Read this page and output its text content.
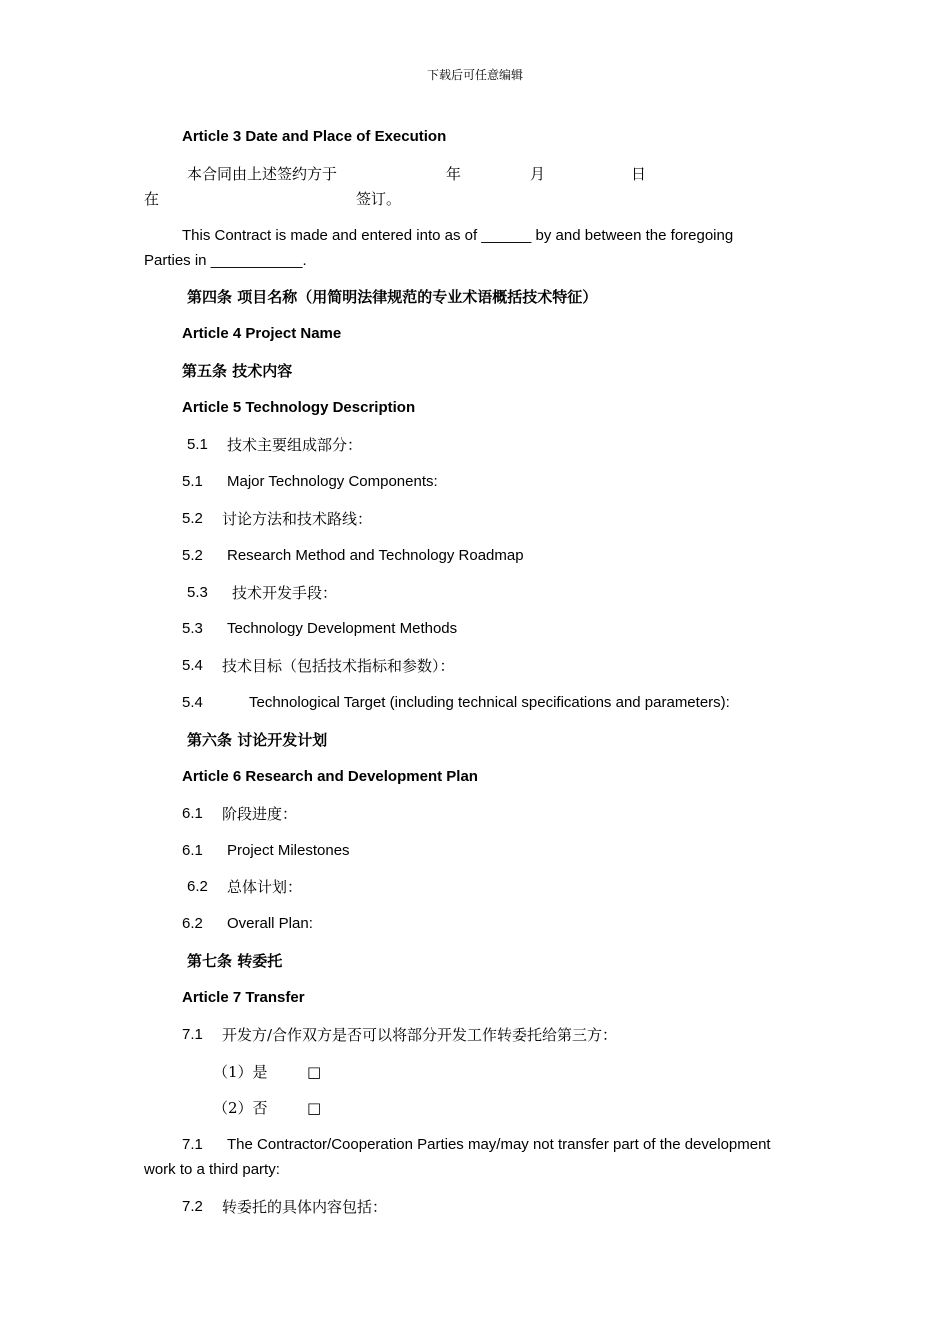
下载后可任意编辑
Article 3 Date and Place of Execution
本合同由上述签约方于	年	月	日
在	签订。
This Contract is made and entered into as of ______ by and between the foregoing
Parties in ___________.
第四条 项目名称（用简明法律规范的专业术语概括技术特征）
Article 4 Project Name
第五条 技术内容
Article 5 Technology Description
5.1 技术主要组成部分：
5.1 Major Technology Components:
5.2 讨论方法和技术路线：
5.2 Research Method and Technology Roadmap
5.3 技术开发手段：
5.3 Technology Development Methods
5.4 技术目标（包括技术指标和参数）：
5.4	Technological Target (including technical specifications and parameters):
第六条 讨论开发计划
Article 6 Research and Development Plan
6.1 阶段进度：
6.1 Project Milestones
6.2 总体计划：
6.2 Overall Plan:
第七条 转委托
Article 7 Transfer
7.1 开发方/合作双方是否可以将部分开发工作转委托给第三方：
（1）是	□
（2）否	□
7.1 The Contractor/Cooperation Parties may/may not transfer part of the development
work to a third party:
7.2 转委托的具体内容包括：
